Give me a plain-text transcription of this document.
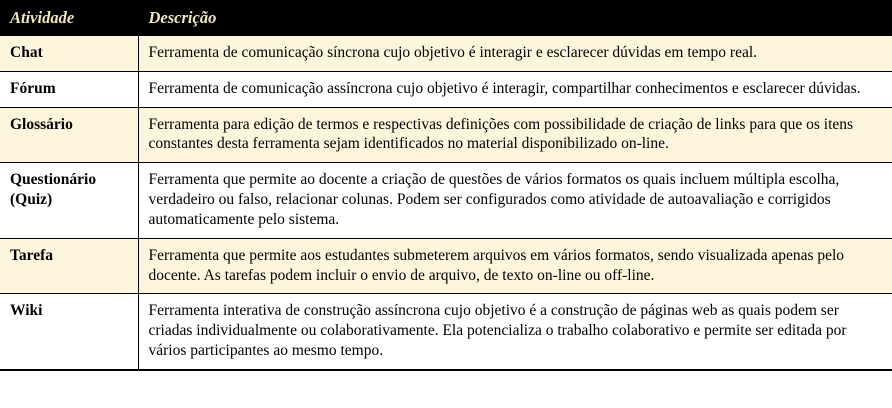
Atividade	Descrição
Chat	Ferramenta de comunicação síncrona cujo objetivo é interagir e esclarecer dúvidas em tempo real.
Fórum	Ferramenta de comunicação assíncrona cujo objetivo é interagir, compartilhar conhecimentos e esclarecer dúvidas.
Glossário	Ferramenta para edição de termos e respectivas definições com possibilidade de criação de links para que os itens constantes desta ferramenta sejam identificados no material disponibilizado on-line.
Questionário (Quiz)	Ferramenta que permite ao docente a criação de questões de vários formatos os quais incluem múltipla escolha, verdadeiro ou falso, relacionar colunas. Podem ser configurados como atividade de autoavaliação e corrigidos automaticamente pelo sistema.
Tarefa	Ferramenta que permite aos estudantes submeterem arquivos em vários formatos, sendo visualizada apenas pelo docente. As tarefas podem incluir o envio de arquivo, de texto on-line ou off-line.
Wiki	Ferramenta interativa de construção assíncrona cujo objetivo é a construção de páginas web as quais podem ser criadas individualmente ou colaborativamente. Ela potencializa o trabalho colaborativo e permite ser editada por vários participantes ao mesmo tempo.
